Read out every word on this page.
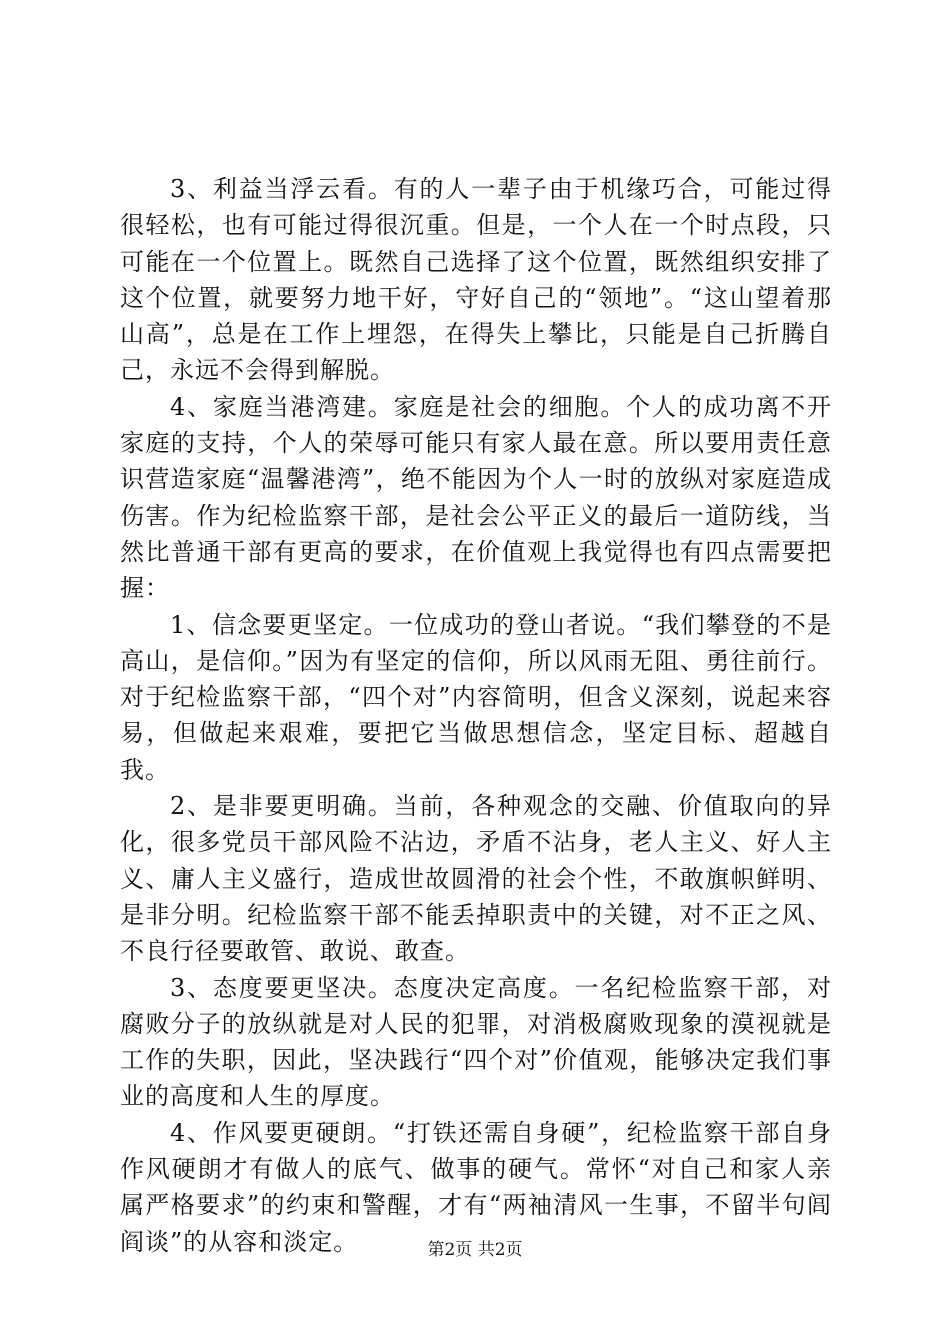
3、利益当浮云看。有的人一辈子由于机缘巧合，可能过得很轻松，也有可能过得很沉重。但是，一个人在一个时点段，只可能在一个位置上。既然自己选择了这个位置，既然组织安排了这个位置，就要努力地干好，守好自己的“领地”。“这山望着那山高”，总是在工作上埋怨，在得失上攀比，只能是自己折腾自己，永远不会得到解脱。

4、家庭当港湾建。家庭是社会的细胞。个人的成功离不开家庭的支持，个人的荣辱可能只有家人最在意。所以要用责任意识营造家庭“温馨港湾”，绝不能因为个人一时的放纵对家庭造成伤害。作为纪检监察干部，是社会公平正义的最后一道防线，当然比普通干部有更高的要求，在价值观上我觉得也有四点需要把握：

1、信念要更坚定。一位成功的登山者说。“我们攀登的不是高山，是信仰。”因为有坚定的信仰，所以风雨无阻、勇往前行。对于纪检监察干部，“四个对”内容简明，但含义深刻，说起来容易，但做起来艰难，要把它当做思想信念，坚定目标、超越自我。

2、是非要更明确。当前，各种观念的交融、价值取向的异化，很多党员干部风险不沾边，矛盾不沾身，老人主义、好人主义、庸人主义盛行，造成世故圆滑的社会个性，不敢旗帜鲜明、是非分明。纪检监察干部不能丢掉职责中的关键，对不正之风、不良行径要敢管、敢说、敢查。

3、态度要更坚决。态度决定高度。一名纪检监察干部，对腐败分子的放纵就是对人民的犯罪，对消极腐败现象的漠视就是工作的失职，因此，坚决践行“四个对”价值观，能够决定我们事业的高度和人生的厚度。

4、作风要更硬朗。“打铁还需自身硬”，纪检监察干部自身作风硬朗才有做人的底气、做事的硬气。常怀“对自己和家人亲属严格要求”的约束和警醒，才有“两袖清风一生事，不留半句闾阎谈”的从容和淡定。	第2页 共2页
